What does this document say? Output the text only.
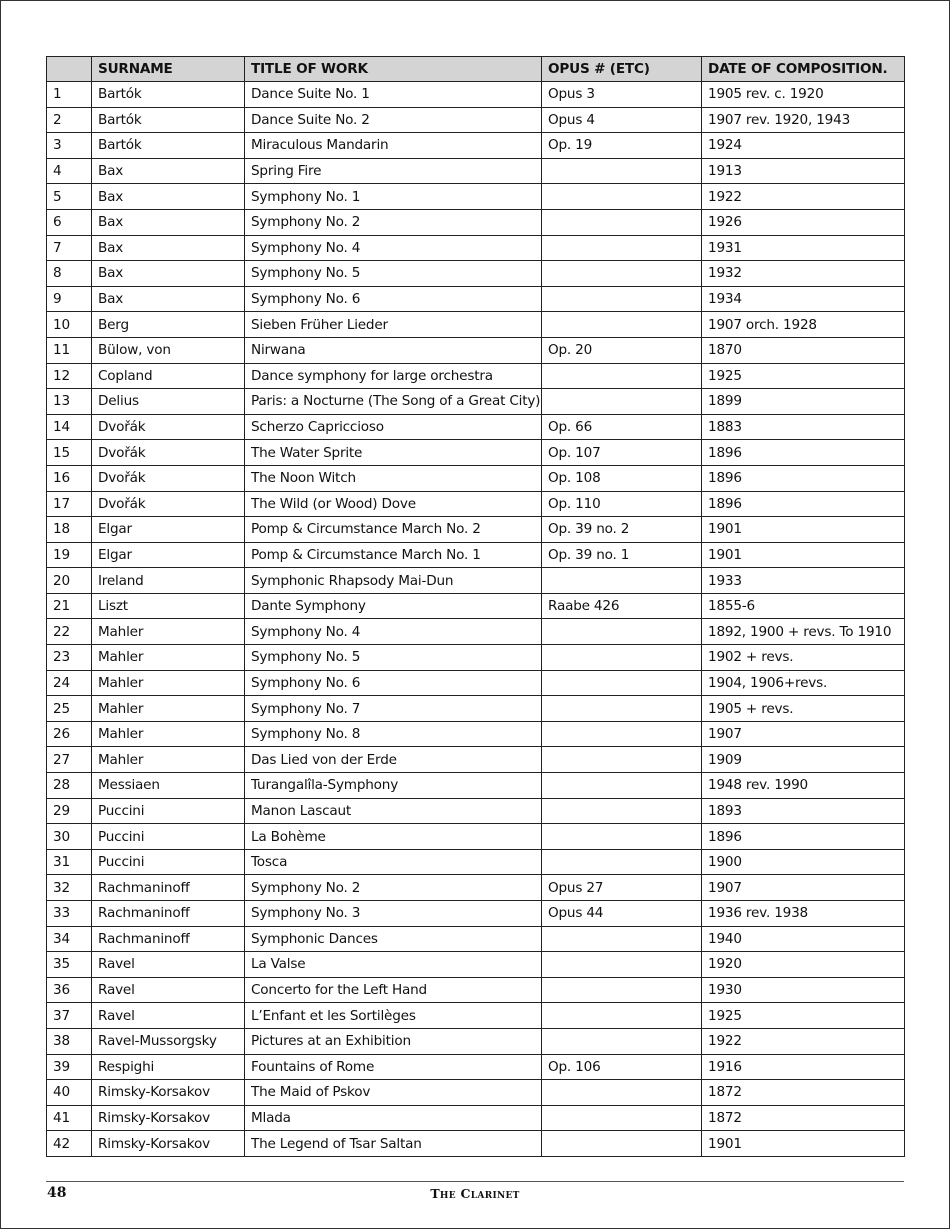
	SURNAME	TITLE OF WORK	OPUS # (ETC)	DATE OF COMPOSITION.
1	Bartók	Dance Suite No. 1	Opus 3	1905 rev. c. 1920
2	Bartók	Dance Suite No. 2	Opus 4	1907 rev. 1920, 1943
3	Bartók	Miraculous Mandarin	Op. 19	1924
4	Bax	Spring Fire		1913
5	Bax	Symphony No. 1		1922
6	Bax	Symphony No. 2		1926
7	Bax	Symphony No. 4		1931
8	Bax	Symphony No. 5		1932
9	Bax	Symphony No. 6		1934
10	Berg	Sieben Früher Lieder		1907 orch. 1928
11	Bülow, von	Nirwana	Op. 20	1870
12	Copland	Dance symphony for large orchestra		1925
13	Delius	Paris: a Nocturne (The Song of a Great City)		1899
14	Dvořák	Scherzo Capriccioso	Op. 66	1883
15	Dvořák	The Water Sprite	Op. 107	1896
16	Dvořák	The Noon Witch	Op. 108	1896
17	Dvořák	The Wild (or Wood) Dove	Op. 110	1896
18	Elgar	Pomp & Circumstance March No. 2	Op. 39 no. 2	1901
19	Elgar	Pomp & Circumstance March No. 1	Op. 39 no. 1	1901
20	Ireland	Symphonic Rhapsody Mai-Dun		1933
21	Liszt	Dante Symphony	Raabe 426	1855-6
22	Mahler	Symphony No. 4		1892, 1900 + revs. To 1910
23	Mahler	Symphony No. 5		1902 + revs.
24	Mahler	Symphony No. 6		1904, 1906+revs.
25	Mahler	Symphony No. 7		1905 + revs.
26	Mahler	Symphony No. 8		1907
27	Mahler	Das Lied von der Erde		1909
28	Messiaen	Turangalîla-Symphony		1948 rev. 1990
29	Puccini	Manon Lascaut		1893
30	Puccini	La Bohème		1896
31	Puccini	Tosca		1900
32	Rachmaninoff	Symphony No. 2	Opus 27	1907
33	Rachmaninoff	Symphony No. 3	Opus 44	1936 rev. 1938
34	Rachmaninoff	Symphonic Dances		1940
35	Ravel	La Valse		1920
36	Ravel	Concerto for the Left Hand		1930
37	Ravel	L’Enfant et les Sortilèges		1925
38	Ravel-Mussorgsky	Pictures at an Exhibition		1922
39	Respighi	Fountains of Rome	Op. 106	1916
40	Rimsky-Korsakov	The Maid of Pskov		1872
41	Rimsky-Korsakov	Mlada		1872
42	Rimsky-Korsakov	The Legend of Tsar Saltan		1901
48	The Clarinet
